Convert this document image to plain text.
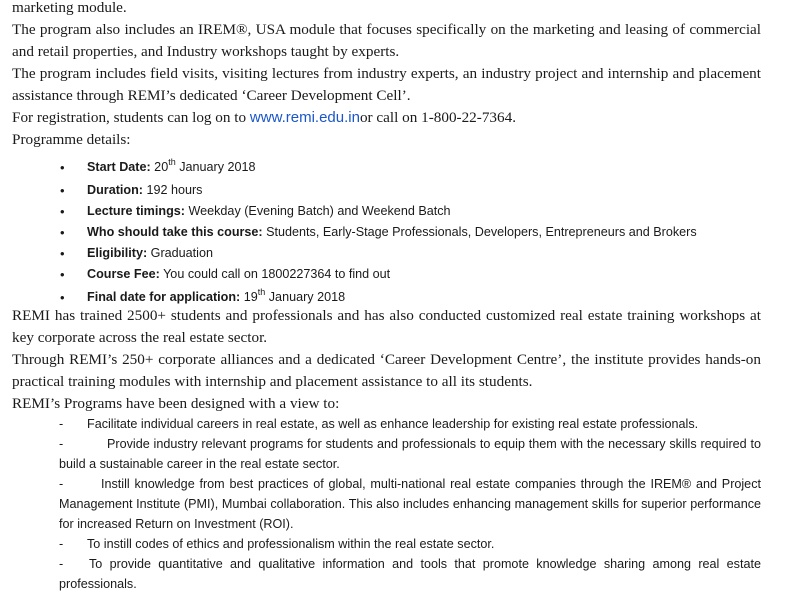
marketing module.
The program also includes an IREM®, USA module that focuses specifically on the marketing and leasing of commercial and retail properties, and Industry workshops taught by experts.
The program includes field visits, visiting lectures from industry experts, an industry project and internship and placement assistance through REMI’s dedicated ‘Career Development Cell’.
For registration, students can log on to www.remi.edu.inor call on 1-800-22-7364.
Programme details:
• Start Date: 20th January 2018
• Duration: 192 hours
• Lecture timings: Weekday (Evening Batch) and Weekend Batch
• Who should take this course: Students, Early-Stage Professionals, Developers, Entrepreneurs and Brokers
• Eligibility: Graduation
• Course Fee: You could call on 1800227364 to find out
• Final date for application: 19th January 2018
REMI has trained 2500+ students and professionals and has also conducted customized real estate training workshops at key corporate across the real estate sector.
Through REMI’s 250+ corporate alliances and a dedicated ‘Career Development Centre’, the institute provides hands-on practical training modules with internship and placement assistance to all its students.
REMI’s Programs have been designed with a view to:
- Facilitate individual careers in real estate, as well as enhance leadership for existing real estate professionals.
-	Provide industry relevant programs for students and professionals to equip them with the necessary skills required to build a sustainable career in the real estate sector.
-	Instill knowledge from best practices of global, multi-national real estate companies through the IREM® and Project Management Institute (PMI), Mumbai collaboration. This also includes enhancing management skills for superior performance for increased Return on Investment (ROI).
- To instill codes of ethics and professionalism within the real estate sector.
- To provide quantitative and qualitative information and tools that promote knowledge sharing among real estate professionals.
